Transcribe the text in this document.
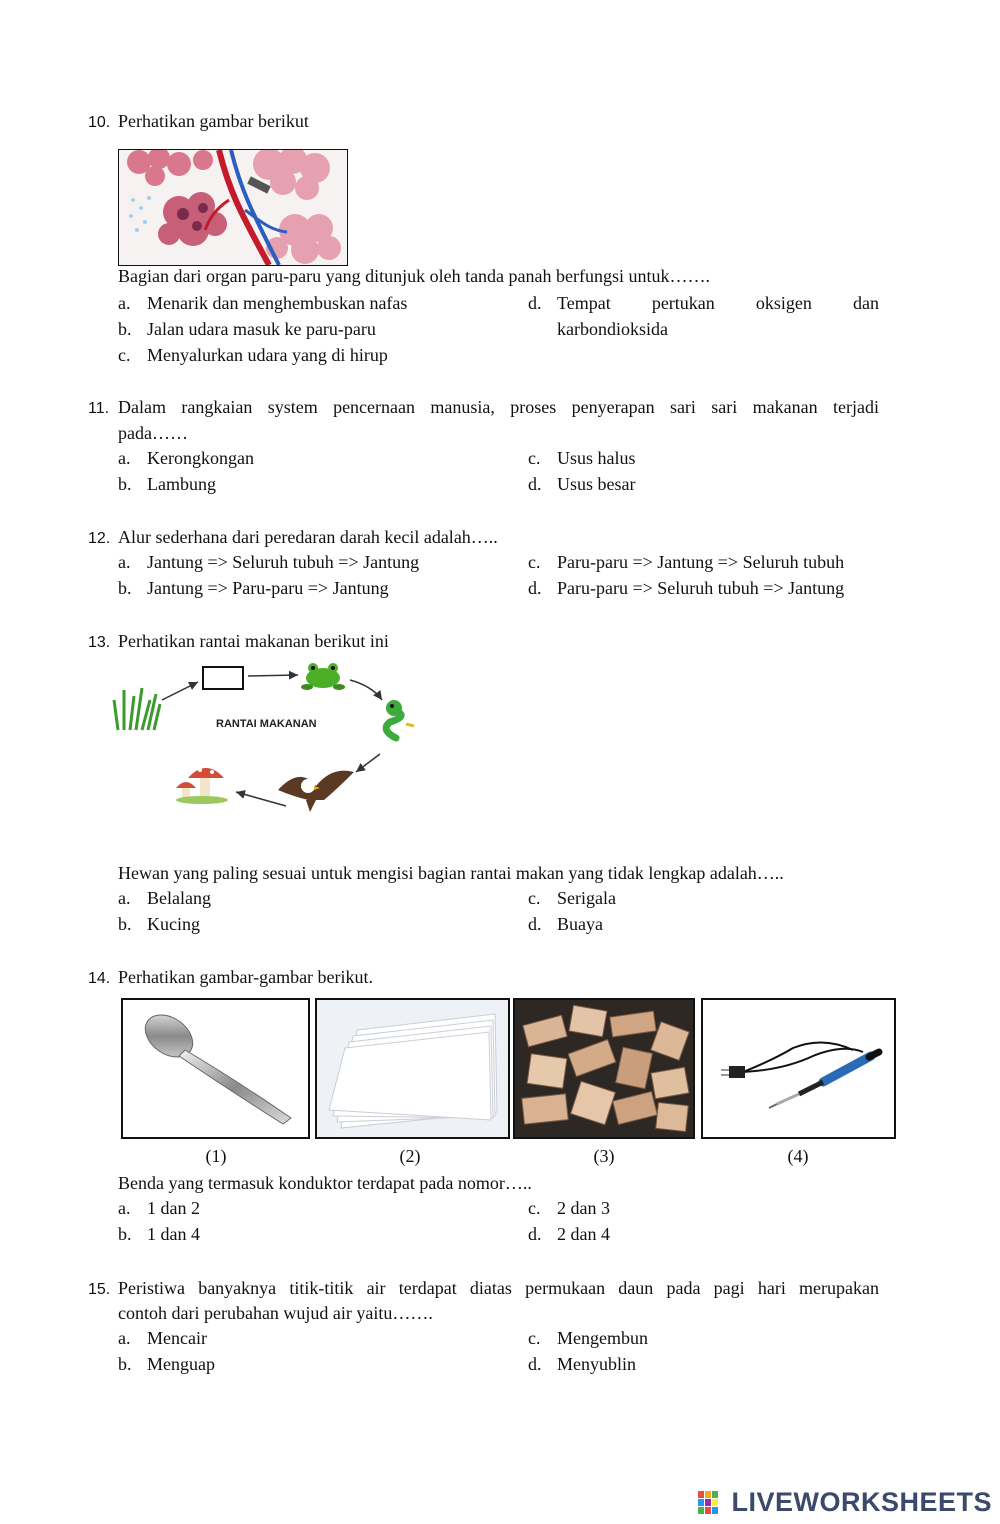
10. Perhatikan gambar berikut
Bagian dari organ paru-paru yang ditunjuk oleh tanda panah berfungsi untuk…….
a. Menarik dan menghembuskan nafas
b. Jalan udara masuk ke paru-paru
c. Menyalurkan udara yang di hirup
d. Tempat pertukan oksigen dan
karbondioksida
11. Dalam rangkaian system pencernaan manusia, proses penyerapan sari sari makanan terjadi
pada……
a. Kerongkongan
b. Lambung
c. Usus halus
d. Usus besar
12. Alur sederhana dari peredaran darah kecil adalah…..
a. Jantung => Seluruh tubuh => Jantung
b. Jantung => Paru-paru => Jantung
c. Paru-paru => Jantung => Seluruh tubuh
d. Paru-paru => Seluruh tubuh => Jantung
13. Perhatikan rantai makanan berikut ini
RANTAI MAKANAN
Hewan yang paling sesuai untuk mengisi bagian rantai makan yang tidak lengkap adalah…..
a. Belalang
b. Kucing
c. Serigala
d. Buaya
14. Perhatikan gambar-gambar berikut.
(1)	(2)	(3)	(4)
Benda yang termasuk konduktor terdapat pada nomor…..
a. 1 dan 2
b. 1 dan 4
c. 2 dan 3
d. 2 dan 4
15. Peristiwa banyaknya titik-titik air terdapat diatas permukaan daun pada pagi hari merupakan
contoh dari perubahan wujud air yaitu…….
a. Mencair
b. Menguap
c. Mengembun
d. Menyublin
LIVEWORKSHEETS
